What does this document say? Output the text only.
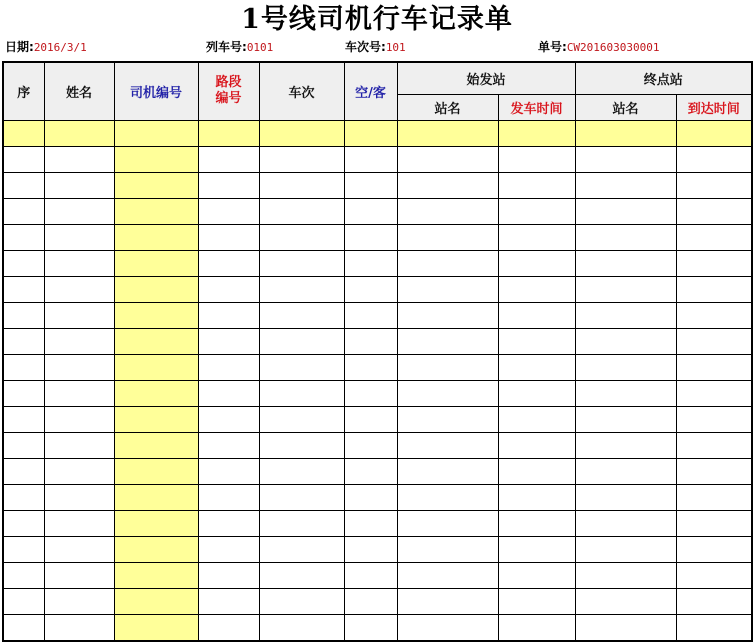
1号线司机行车记录单
日期:2016/3/1	列车号:0101	车次号:101	单号:CW201603030001
序	姓名	司机编号	路段编号	车次	空/客	始发站		终点站	
						站名	发车时间	站名	到达时间
